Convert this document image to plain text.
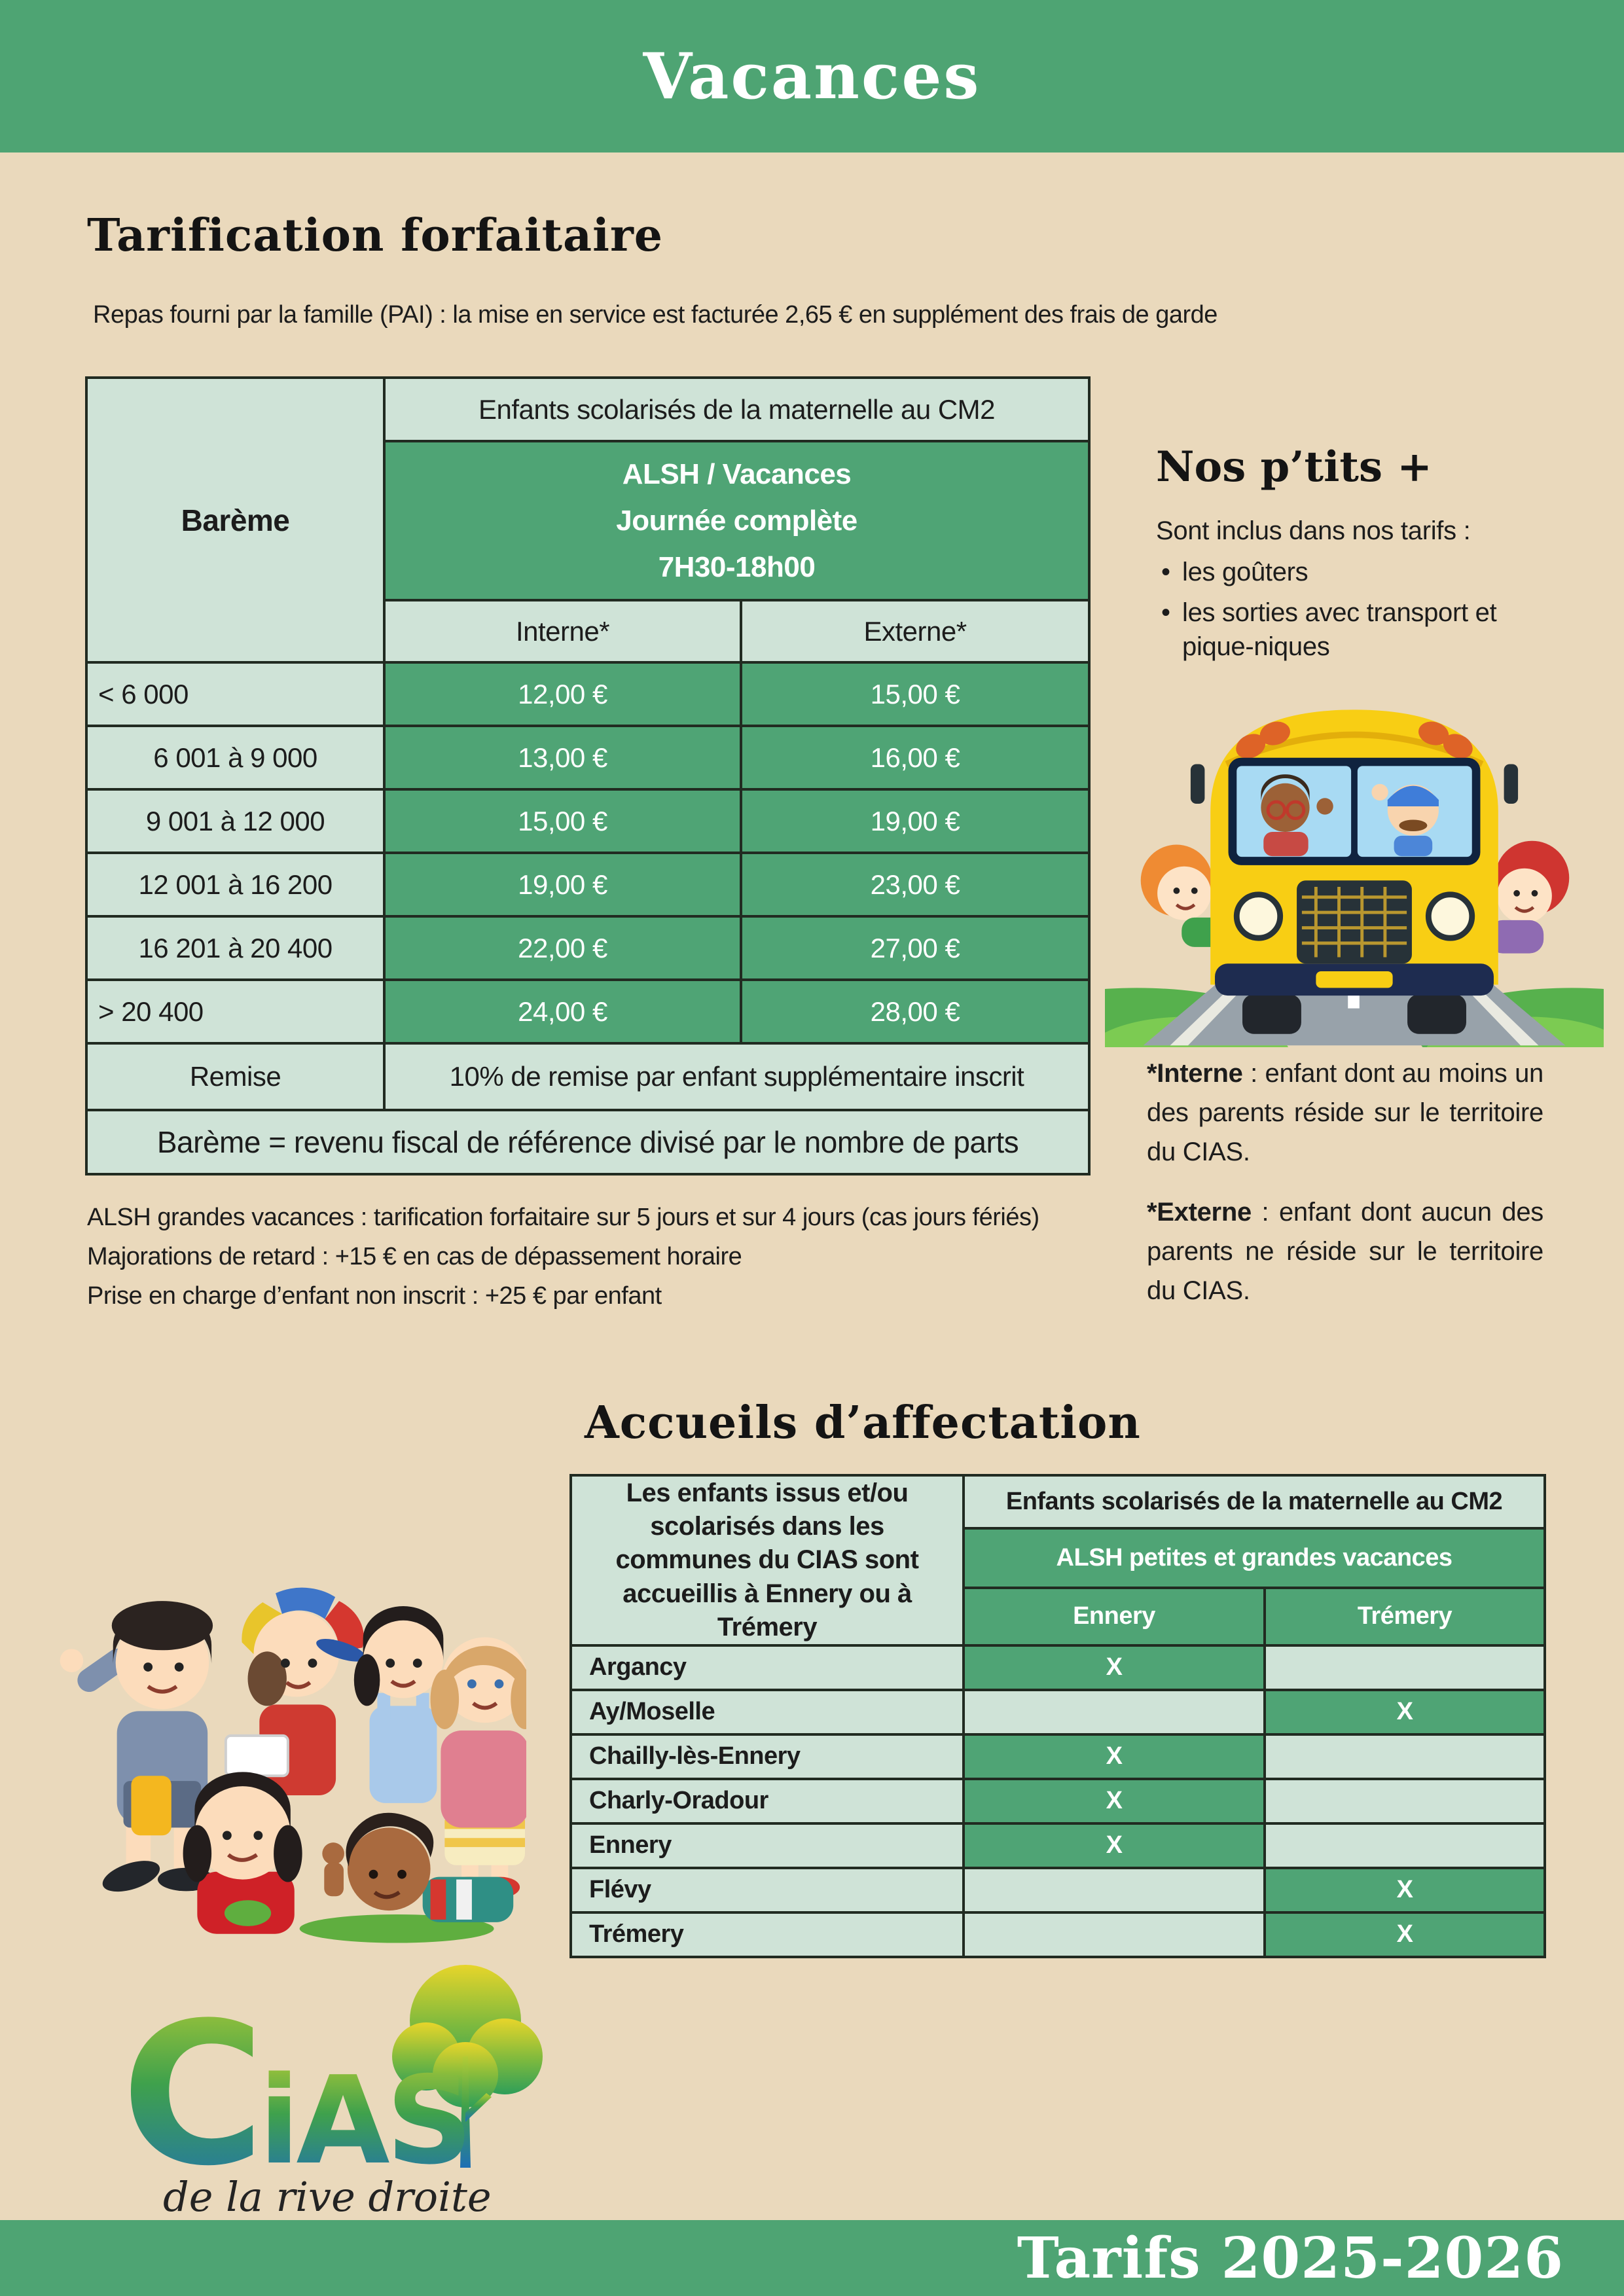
Vacances
Tarification forfaitaire

Repas fourni par la famille (PAI) : la mise en service est facturée 2,65 € en supplément des frais de garde

Barème	Enfants scolarisés de la maternelle au CM2	

	ALSH / Vacances
Journée complète
7H30-18h00	

	Interne*	Externe*
< 6 000	12,00 €	15,00 €
6 001 à 9 000	13,00 €	16,00 €
9 001 à 12 000	15,00 €	19,00 €
12 001 à 16 200	19,00 €	23,00 €
16 201 à 20 400	22,00 €	27,00 €
> 20 400	24,00 €	28,00 €
Remise	10% de remise par enfant supplémentaire inscrit	
Barème = revenu fiscal de référence divisé par le nombre de parts		

ALSH grandes vacances : tarification forfaitaire sur 5 jours et sur 4 jours (cas jours fériés)

Majorations de retard : +15 € en cas de dépassement horaire

Prise en charge d’enfant non inscrit : +25 € par enfant

Nos p’tits +

Sont inclus dans nos tarifs :

• les goûters
• les sorties avec transport et pique-niques

*Interne : enfant dont au moins un des parents réside sur le territoire du CIAS.

*Externe : enfant dont aucun des parents ne réside sur le territoire du CIAS.

Accueils d’affectation
Les enfants issus et/ou scolarisés dans les communes du CIAS sont accueillis à Ennery ou à Trémery	Enfants scolarisés de la maternelle au CM2	
	ALSH petites et grandes vacances	
	Ennery	Trémery
Argancy	X	
Ay/Moselle		X
Chailly-lès-Ennery	X	
Charly-Oradour	X	
Ennery	X	
Flévy		X
Trémery		X
C
iAS
de la rive droite
Tarifs 2025-2026
